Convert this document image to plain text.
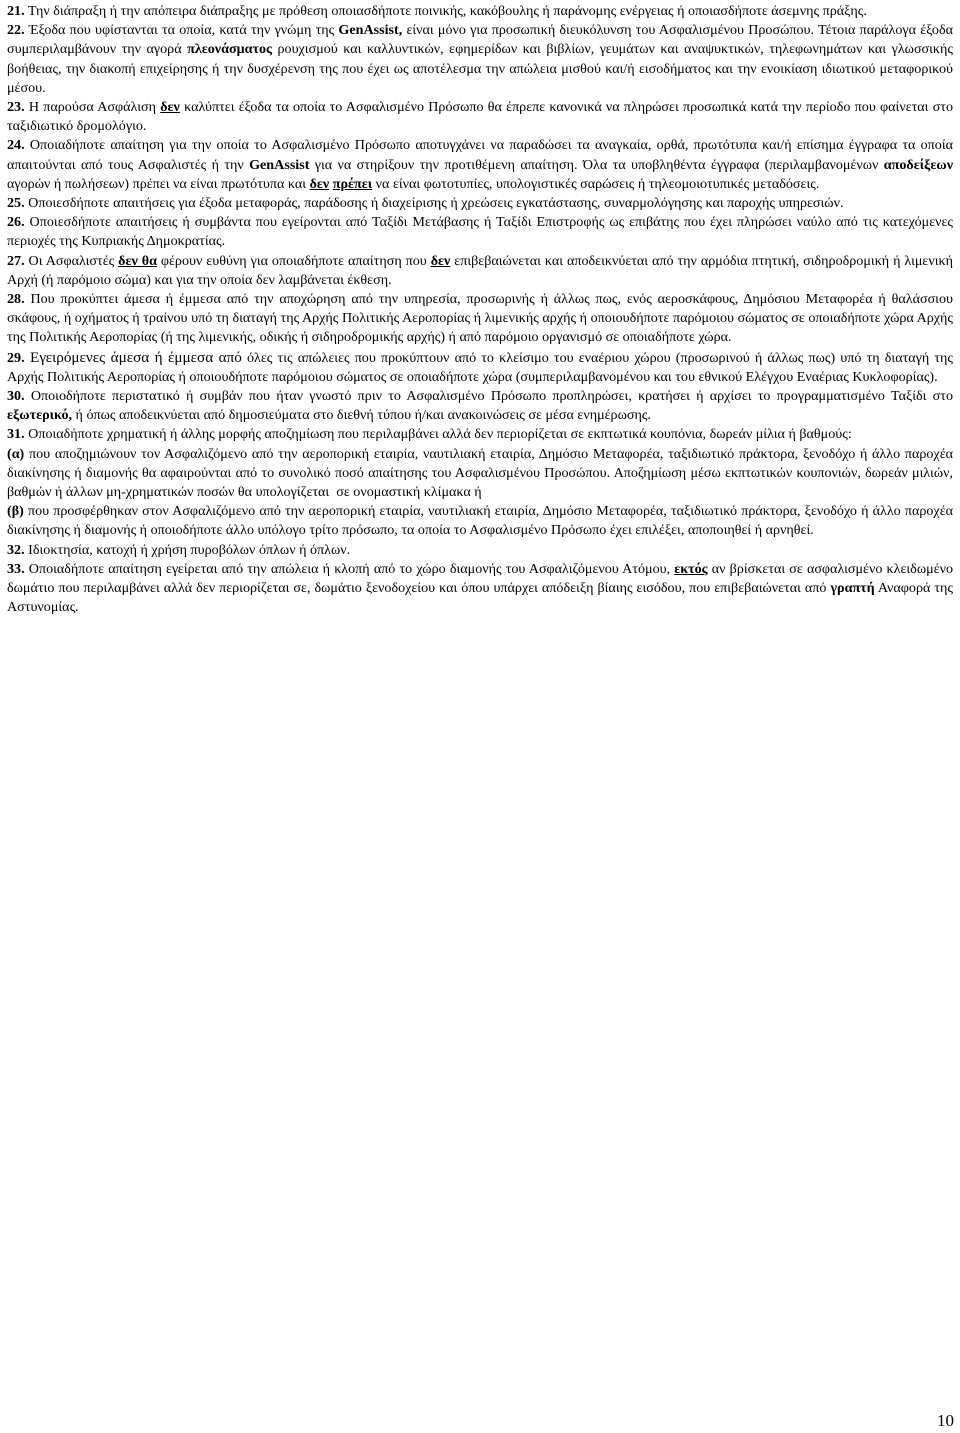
21. Την διάπραξη ή την απόπειρα διάπραξης με πρόθεση οποιασδήποτε ποινικής, κακόβουλης ή παράνομης ενέργειας ή οποιασδήποτε άσεμνης πράξης.

22. Έξοδα που υφίστανται τα οποία, κατά την γνώμη της GenAssist, είναι μόνο για προσωπική διευκόλυνση του Ασφαλισμένου Προσώπου. Τέτοια παράλογα έξοδα συμπεριλαμβάνουν την αγορά πλεονάσματος ρουχισμού και καλλυντικών, εφημερίδων και βιβλίων, γευμάτων και αναψυκτικών, τηλεφωνημάτων και γλωσσικής βοήθειας, την διακοπή επιχείρησης ή την δυσχέρενση της που έχει ως αποτέλεσμα την απώλεια μισθού και/ή εισοδήματος και την ενοικίαση ιδιωτικού μεταφορικού μέσου.

23. Η παρούσα Ασφάλιση δεν καλύπτει έξοδα τα οποία το Ασφαλισμένο Πρόσωπο θα έπρεπε κανονικά να πληρώσει προσωπικά κατά την περίοδο που φαίνεται στο ταξιδιωτικό δρομολόγιο.

24. Οποιαδήποτε απαίτηση για την οποία το Ασφαλισμένο Πρόσωπο αποτυγχάνει να παραδώσει τα αναγκαία, ορθά, πρωτότυπα και/ή επίσημα έγγραφα τα οποία απαιτούνται από τους Ασφαλιστές ή την GenAssist για να στηρίξουν την προτιθέμενη απαίτηση. Όλα τα υποβληθέντα έγγραφα (περιλαμβανομένων αποδείξεων αγορών ή πωλήσεων) πρέπει να είναι πρωτότυπα και δεν πρέπει να είναι φωτοτυπίες, υπολογιστικές σαρώσεις ή τηλεομοιοτυπικές μεταδόσεις.

25. Οποιεσδήποτε απαιτήσεις για έξοδα μεταφοράς, παράδοσης ή διαχείρισης ή χρεώσεις εγκατάστασης, συναρμολόγησης και παροχής υπηρεσιών.

26. Οποιεσδήποτε απαιτήσεις ή συμβάντα που εγείρονται από Ταξίδι Μετάβασης ή Ταξίδι Επιστροφής ως επιβάτης που έχει πληρώσει ναύλο από τις κατεχόμενες περιοχές της Κυπριακής Δημοκρατίας.

27. Οι Ασφαλιστές δεν θα φέρουν ευθύνη για οποιαδήποτε απαίτηση που δεν επιβεβαιώνεται και αποδεικνύεται από την αρμόδια πτητική, σιδηροδρομική ή λιμενική Αρχή (ή παρόμοιο σώμα) και για την οποία δεν λαμβάνεται έκθεση.

28. Που προκύπτει άμεσα ή έμμεσα από την αποχώρηση από την υπηρεσία, προσωρινής ή άλλως πως, ενός αεροσκάφους, Δημόσιου Μεταφορέα ή θαλάσσιου σκάφους, ή οχήματος ή τραίνου υπό τη διαταγή της Αρχής Πολιτικής Αεροπορίας ή λιμενικής αρχής ή οποιουδήποτε παρόμοιου σώματος σε οποιαδήποτε χώρα Αρχής της Πολιτικής Αεροπορίας (ή της λιμενικής, οδικής ή σιδηροδρομικής αρχής) ή από παρόμοιο οργανισμό σε οποιαδήποτε χώρα.

29. Εγειρόμενες άμεσα ή έμμεσα από όλες τις απώλειες που προκύπτουν από το κλείσιμο του εναέριου χώρου (προσωρινού ή άλλως πως) υπό τη διαταγή της Αρχής Πολιτικής Αεροπορίας ή οποιουδήποτε παρόμοιου σώματος σε οποιαδήποτε χώρα (συμπεριλαμβανομένου και του εθνικού Ελέγχου Εναέριας Κυκλοφορίας).

30. Οποιοδήποτε περιστατικό ή συμβάν που ήταν γνωστό πριν το Ασφαλισμένο Πρόσωπο προπληρώσει, κρατήσει ή αρχίσει το προγραμματισμένο Ταξίδι στο εξωτερικό, ή όπως αποδεικνύεται από δημοσιεύματα στο διεθνή τύπου ή/και ανακοινώσεις σε μέσα ενημέρωσης.

31. Οποιαδήποτε χρηματική ή άλλης μορφής αποζημίωση που περιλαμβάνει αλλά δεν περιορίζεται σε εκπτωτικά κουπόνια, δωρεάν μίλια ή βαθμούς:

(α) που αποζημιώνουν τον Ασφαλιζόμενο από την αεροπορική εταιρία, ναυτιλιακή εταιρία, Δημόσιο Μεταφορέα, ταξιδιωτικό πράκτορα, ξενοδόχο ή άλλο παροχέα διακίνησης ή διαμονής θα αφαιρούνται από το συνολικό ποσό απαίτησης του Ασφαλισμένου Προσώπου. Αποζημίωση μέσω εκπτωτικών κουπονιών, δωρεάν μιλιών, βαθμών ή άλλων μη-χρηματικών ποσών θα υπολογίζεται  σε ονομαστική κλίμακα ή

(β) που προσφέρθηκαν στον Ασφαλιζόμενο από την αεροπορική εταιρία, ναυτιλιακή εταιρία, Δημόσιο Μεταφορέα, ταξιδιωτικό πράκτορα, ξενοδόχο ή άλλο παροχέα διακίνησης ή διαμονής ή οποιοδήποτε άλλο υπόλογο τρίτο πρόσωπο, τα οποία το Ασφαλισμένο Πρόσωπο έχει επιλέξει, αποποιηθεί ή αρνηθεί.

32. Ιδιοκτησία, κατοχή ή χρήση πυροβόλων όπλων ή όπλων.

33. Οποιαδήποτε απαίτηση εγείρεται από την απώλεια ή κλοπή από το χώρο διαμονής του Ασφαλιζόμενου Ατόμου, εκτός αν βρίσκεται σε ασφαλισμένο κλειδωμένο δωμάτιο που περιλαμβάνει αλλά δεν περιορίζεται σε, δωμάτιο ξενοδοχείου και όπου υπάρχει απόδειξη βίαιης εισόδου, που επιβεβαιώνεται από γραπτή Αναφορά της Αστυνομίας.

10
